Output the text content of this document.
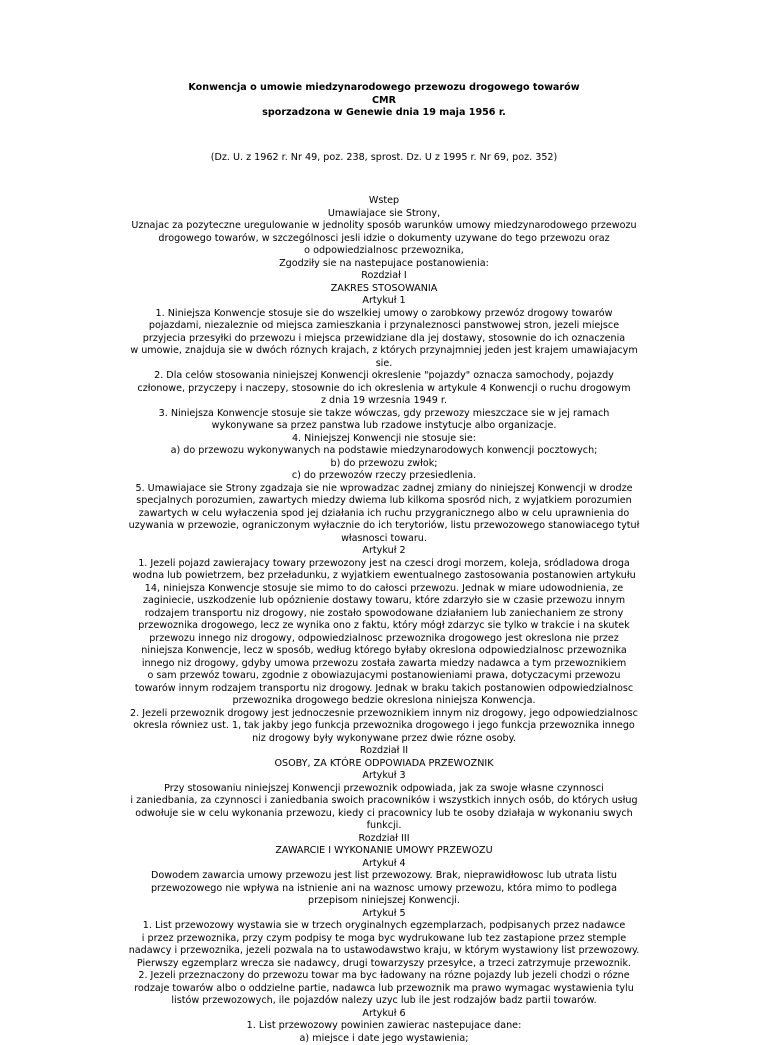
Konwencja o umowie miedzynarodowego przewozu drogowego towarów
CMR
sporzadzona w Genewie dnia 19 maja 1956 r.
(Dz. U. z 1962 r. Nr 49, poz. 238, sprost. Dz. U z 1995 r. Nr 69, poz. 352)
Wstep
Umawiajace sie Strony,
Uznajac za pozyteczne uregulowanie w jednolity sposób warunków umowy miedzynarodowego przewozu
drogowego towarów, w szczególnosci jesli idzie o dokumenty uzywane do tego przewozu oraz
o odpowiedzialnosc przewoznika,
Zgodziły sie na nastepujace postanowienia:
Rozdział I
ZAKRES STOSOWANIA
Artykuł 1
1. Niniejsza Konwencje stosuje sie do wszelkiej umowy o zarobkowy przewóz drogowy towarów
pojazdami, niezaleznie od miejsca zamieszkania i przynaleznosci panstwowej stron, jezeli miejsce
przyjecia przesyłki do przewozu i miejsca przewidziane dla jej dostawy, stosownie do ich oznaczenia
w umowie, znajduja sie w dwóch róznych krajach, z których przynajmniej jeden jest krajem umawiajacym
sie.
2. Dla celów stosowania niniejszej Konwencji okreslenie "pojazdy" oznacza samochody, pojazdy
członowe, przyczepy i naczepy, stosownie do ich okreslenia w artykule 4 Konwencji o ruchu drogowym
z dnia 19 wrzesnia 1949 r.
3. Niniejsza Konwencje stosuje sie takze wówczas, gdy przewozy mieszczace sie w jej ramach
wykonywane sa przez panstwa lub rzadowe instytucje albo organizacje.
4. Niniejszej Konwencji nie stosuje sie:
a) do przewozu wykonywanych na podstawie miedzynarodowych konwencji pocztowych;
b) do przewozu zwłok;
c) do przewozów rzeczy przesiedlenia.
5. Umawiajace sie Strony zgadzaja sie nie wprowadzac zadnej zmiany do niniejszej Konwencji w drodze
specjalnych porozumien, zawartych miedzy dwiema lub kilkoma sposród nich, z wyjatkiem porozumien
zawartych w celu wyłaczenia spod jej działania ich ruchu przygranicznego albo w celu uprawnienia do
uzywania w przewozie, ograniczonym wyłacznie do ich terytoriów, listu przewozowego stanowiacego tytuł
własnosci towaru.
Artykuł 2
1. Jezeli pojazd zawierajacy towary przewozony jest na czesci drogi morzem, koleja, sródladowa droga
wodna lub powietrzem, bez przeładunku, z wyjatkiem ewentualnego zastosowania postanowien artykułu
14, niniejsza Konwencje stosuje sie mimo to do całosci przewozu. Jednak w miare udowodnienia, ze
zaginiecie, uszkodzenie lub opóznienie dostawy towaru, które zdarzyło sie w czasie przewozu innym
rodzajem transportu niz drogowy, nie zostało spowodowane działaniem lub zaniechaniem ze strony
przewoznika drogowego, lecz ze wynika ono z faktu, który mógł zdarzyc sie tylko w trakcie i na skutek
przewozu innego niz drogowy, odpowiedzialnosc przewoznika drogowego jest okreslona nie przez
niniejsza Konwencje, lecz w sposób, według którego byłaby okreslona odpowiedzialnosc przewoznika
innego niz drogowy, gdyby umowa przewozu została zawarta miedzy nadawca a tym przewoznikiem
o sam przewóz towaru, zgodnie z obowiazujacymi postanowieniami prawa, dotyczacymi przewozu
towarów innym rodzajem transportu niz drogowy. Jednak w braku takich postanowien odpowiedzialnosc
przewoznika drogowego bedzie okreslona niniejsza Konwencja.
2. Jezeli przewoznik drogowy jest jednoczesnie przewoznikiem innym niz drogowy, jego odpowiedzialnosc
okresla równiez ust. 1, tak jakby jego funkcja przewoznika drogowego i jego funkcja przewoznika innego
niz drogowy były wykonywane przez dwie rózne osoby.
Rozdział II
OSOBY, ZA KTÓRE ODPOWIADA PRZEWOZNIK
Artykuł 3
Przy stosowaniu niniejszej Konwencji przewoznik odpowiada, jak za swoje własne czynnosci
i zaniedbania, za czynnosci i zaniedbania swoich pracowników i wszystkich innych osób, do których usług
odwołuje sie w celu wykonania przewozu, kiedy ci pracownicy lub te osoby działaja w wykonaniu swych
funkcji.
Rozdział III
ZAWARCIE I WYKONANIE UMOWY PRZEWOZU
Artykuł 4
Dowodem zawarcia umowy przewozu jest list przewozowy. Brak, nieprawidłowosc lub utrata listu
przewozowego nie wpływa na istnienie ani na waznosc umowy przewozu, która mimo to podlega
przepisom niniejszej Konwencji.
Artykuł 5
1. List przewozowy wystawia sie w trzech oryginalnych egzemplarzach, podpisanych przez nadawce
i przez przewoznika, przy czym podpisy te moga byc wydrukowane lub tez zastapione przez stemple
nadawcy i przewoznika, jezeli pozwala na to ustawodawstwo kraju, w którym wystawiony list przewozowy.
Pierwszy egzemplarz wrecza sie nadawcy, drugi towarzyszy przesyłce, a trzeci zatrzymuje przewoznik.
2. Jezeli przeznaczony do przewozu towar ma byc ładowany na rózne pojazdy lub jezeli chodzi o rózne
rodzaje towarów albo o oddzielne partie, nadawca lub przewoznik ma prawo wymagac wystawienia tylu
listów przewozowych, ile pojazdów nalezy uzyc lub ile jest rodzajów badz partii towarów.
Artykuł 6
1. List przewozowy powinien zawierac nastepujace dane:
a) miejsce i date jego wystawienia;
